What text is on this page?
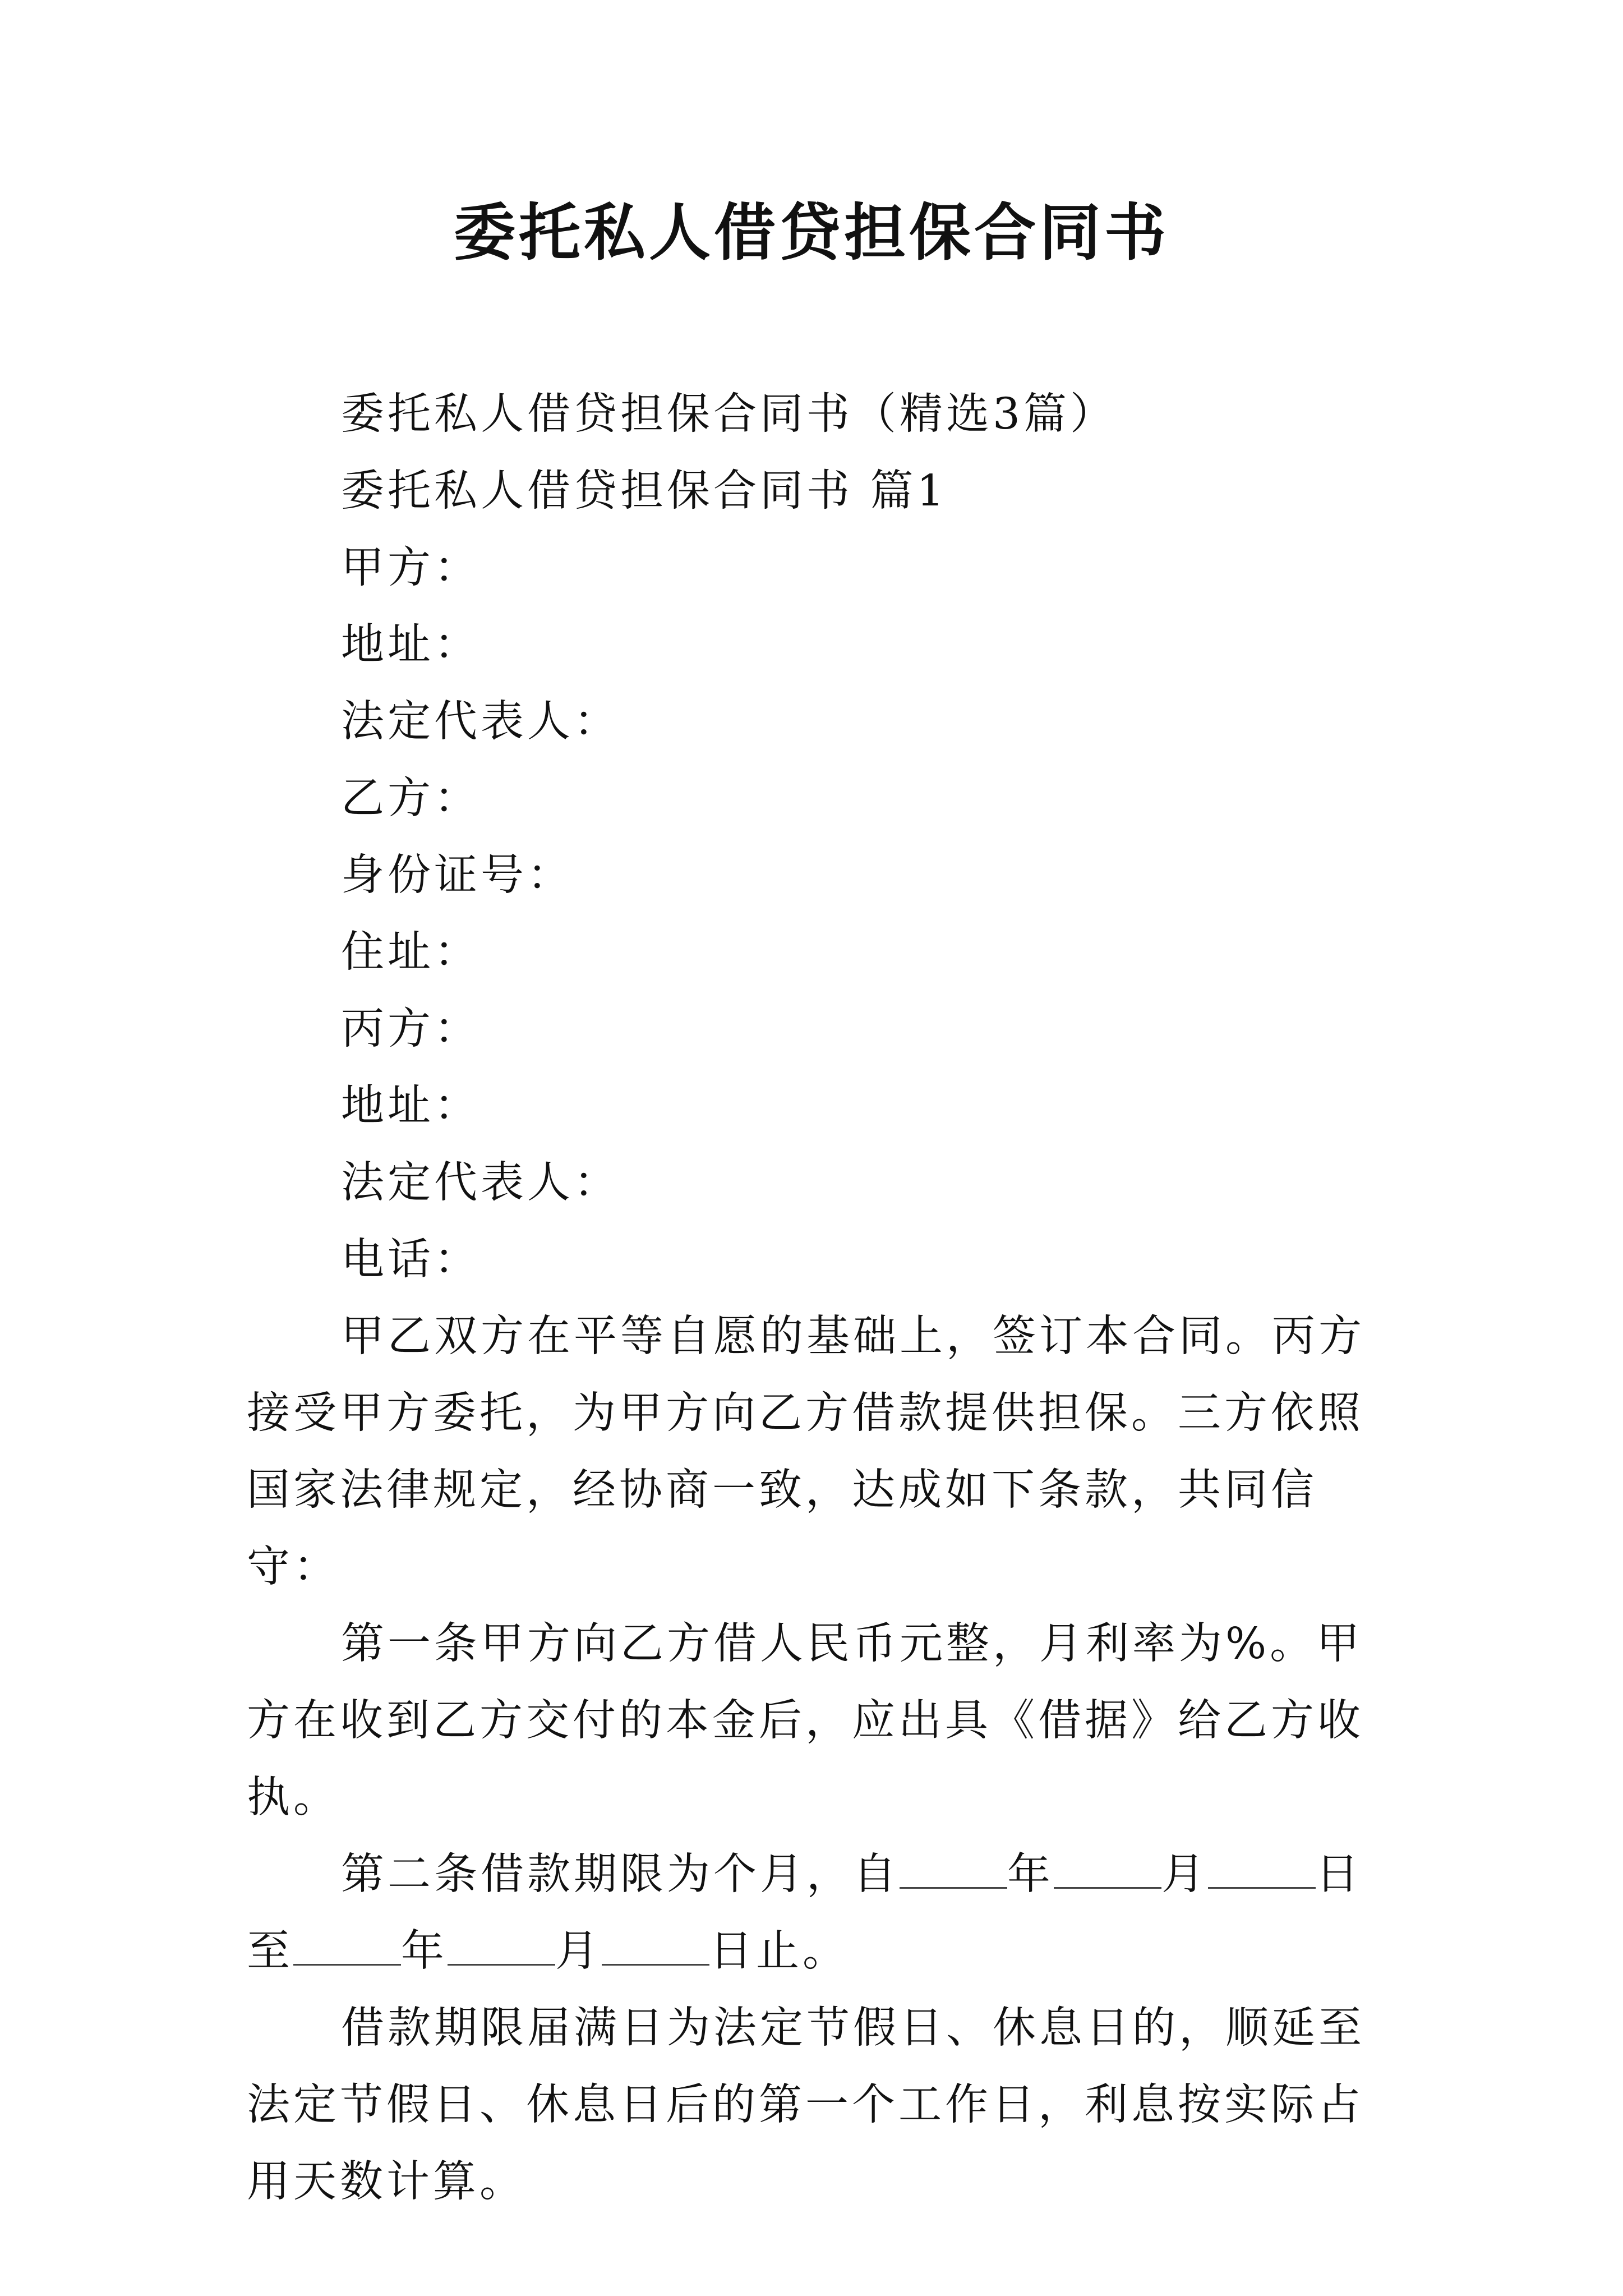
委托私人借贷担保合同书
委托私人借贷担保合同书（精选3篇）
委托私人借贷担保合同书 篇1
甲方：
地址：
法定代表人：
乙方：
身份证号：
住址：
丙方：
地址：
法定代表人：
电话：
甲乙双方在平等自愿的基础上，签订本合同。丙方接受甲方委托，为甲方向乙方借款提供担保。三方依照国家法律规定，经协商一致，达成如下条款，共同信守：
第一条甲方向乙方借人民币元整，月利率为%。甲方在收到乙方交付的本金后，应出具《借据》给乙方收执。
第二条借款期限为个月，自 年 月 日至 年 月 日止。
借款期限届满日为法定节假日、休息日的，顺延至法定节假日、休息日后的第一个工作日，利息按实际占用天数计算。
